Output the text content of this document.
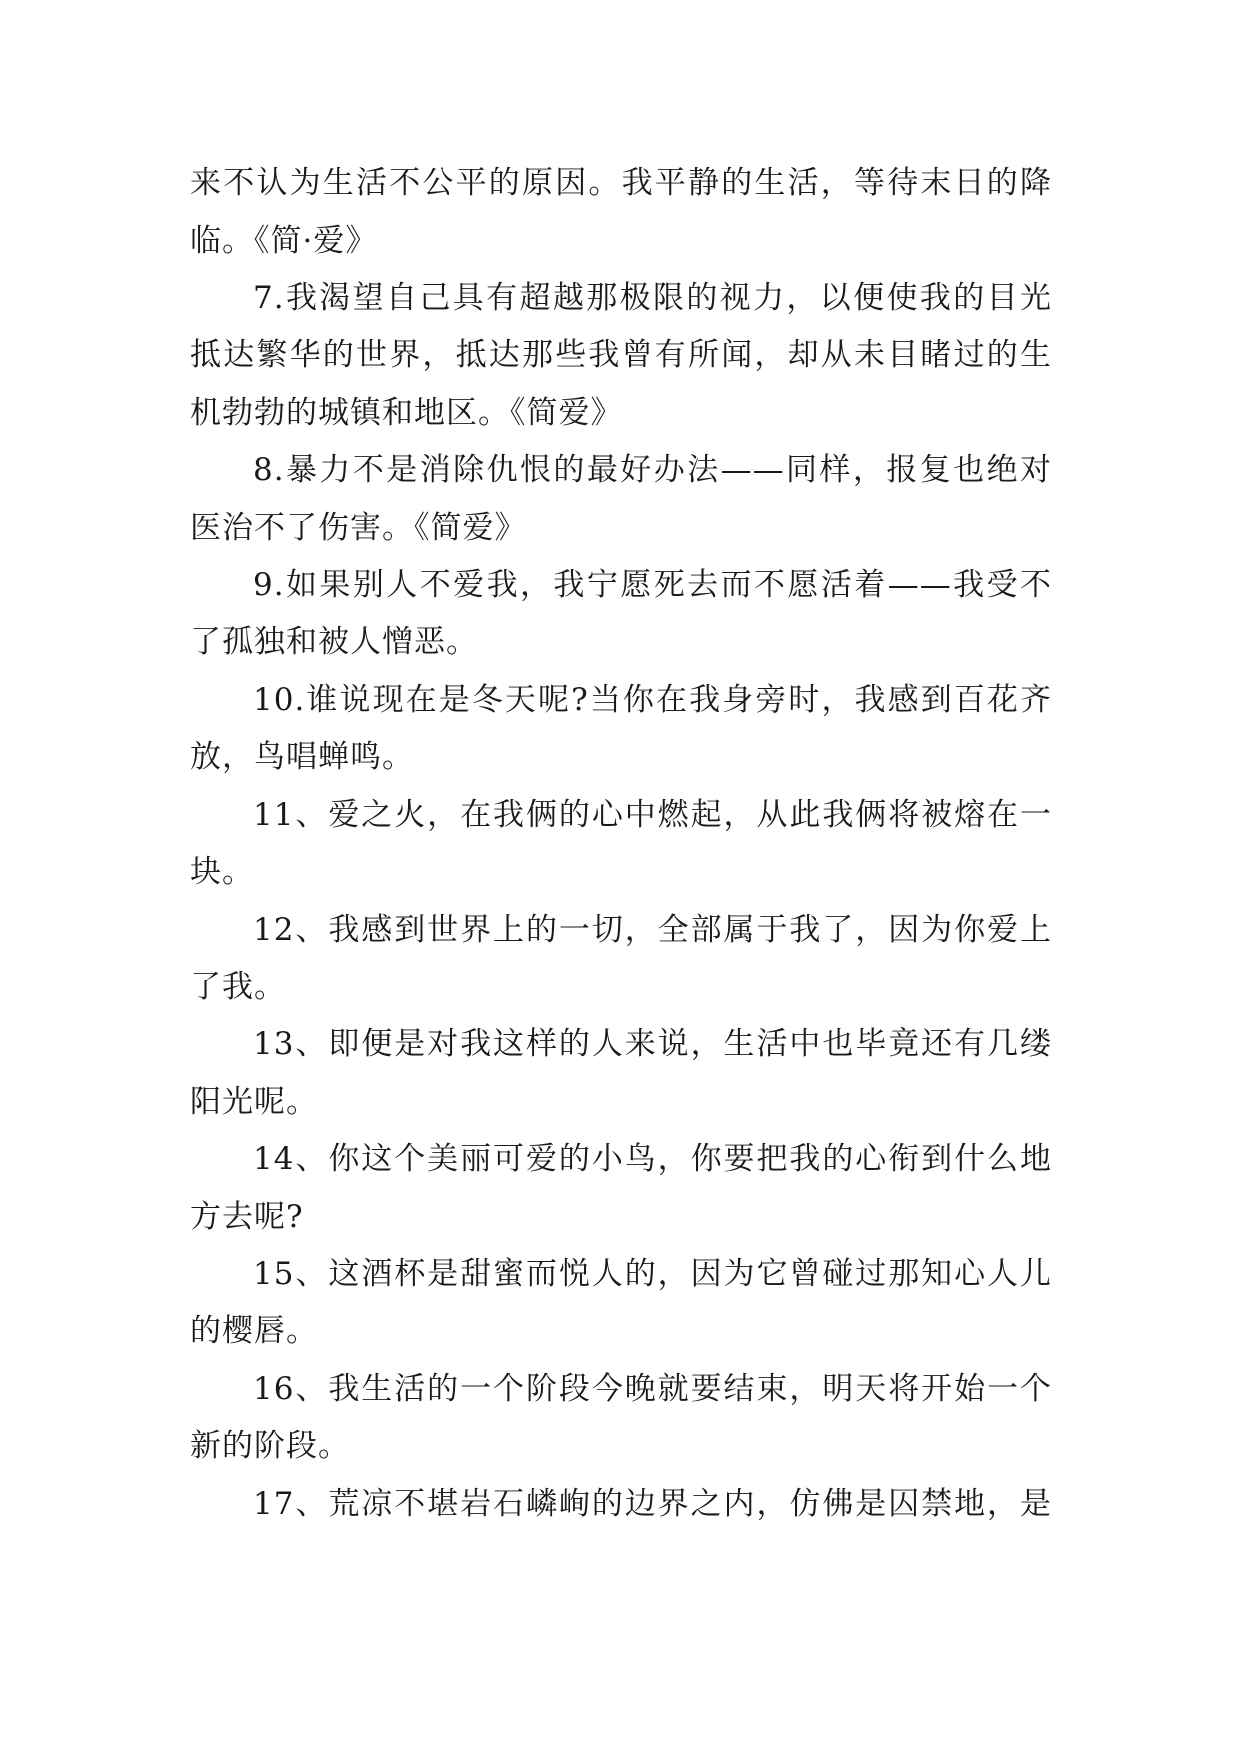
来不认为生活不公平的原因。我平静的生活，等待末日的降
临。《简·爱》
7.我渴望自己具有超越那极限的视力，以便使我的目光
抵达繁华的世界，抵达那些我曾有所闻，却从未目睹过的生
机勃勃的城镇和地区。《简爱》
8.暴力不是消除仇恨的最好办法——同样，报复也绝对
医治不了伤害。《简爱》
9.如果别人不爱我，我宁愿死去而不愿活着——我受不
了孤独和被人憎恶。
10.谁说现在是冬天呢?当你在我身旁时，我感到百花齐
放，鸟唱蝉鸣。
11、爱之火，在我俩的心中燃起，从此我俩将被熔在一
块。
12、我感到世界上的一切，全部属于我了，因为你爱上
了我。
13、即便是对我这样的人来说，生活中也毕竟还有几缕
阳光呢。
14、你这个美丽可爱的小鸟，你要把我的心衔到什么地
方去呢?
15、这酒杯是甜蜜而悦人的，因为它曾碰过那知心人儿
的樱唇。
16、我生活的一个阶段今晚就要结束，明天将开始一个
新的阶段。
17、荒凉不堪岩石嶙峋的边界之内，仿佛是囚禁地，是
